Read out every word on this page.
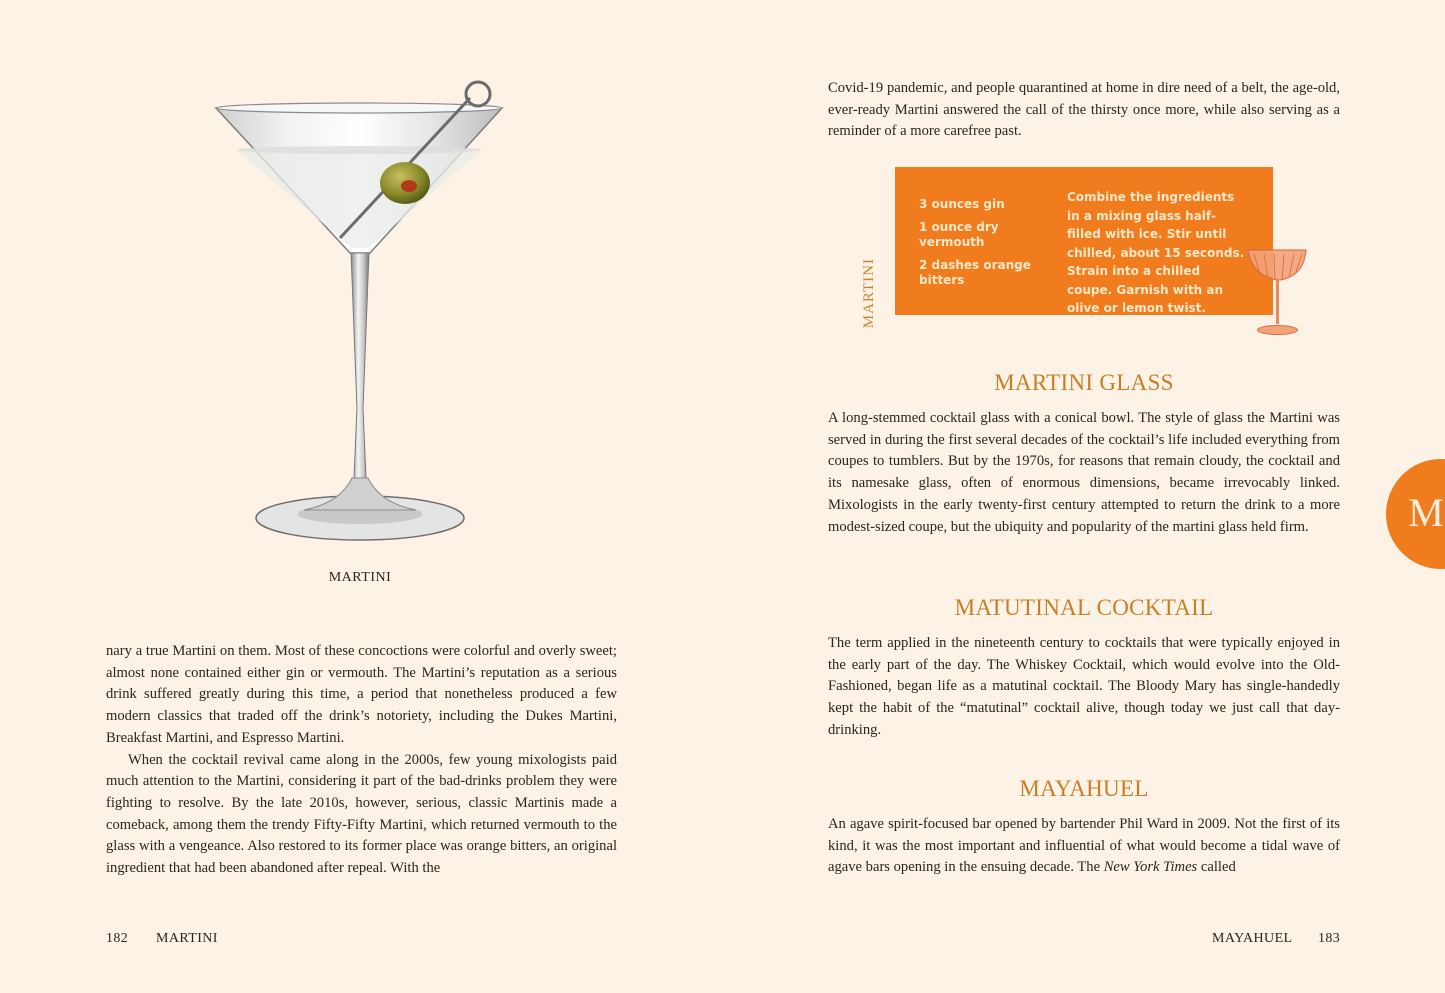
MARTINI

nary a true Martini on them. Most of these concoctions were colorful and overly sweet; almost none contained either gin or vermouth. The Martini’s reputation as a serious drink suffered greatly during this time, a period that nonetheless produced a few modern classics that traded off the drink’s notoriety, including the Dukes Martini, Breakfast Martini, and Espresso Martini.

When the cocktail revival came along in the 2000s, few young mixologists paid much attention to the Martini, considering it part of the bad-drinks problem they were fighting to resolve. By the late 2010s, however, serious, classic Martinis made a comeback, among them the trendy Fifty-Fifty Martini, which returned vermouth to the glass with a vengeance. Also restored to its former place was orange bitters, an original ingredient that had been abandoned after repeal. With the

182 MARTINI

Covid-19 pandemic, and people quarantined at home in dire need of a belt, the age-old, ever-ready Martini answered the call of the thirsty once more, while also serving as a reminder of a more carefree past.

MARTINI
3 ounces gin
1 ounce dry vermouth
2 dashes orange bitters
Combine the ingredients in a mixing glass half-filled with ice. Stir until chilled, about 15 seconds. Strain into a chilled coupe. Garnish with an olive or lemon twist.
MARTINI GLASS

A long-stemmed cocktail glass with a conical bowl. The style of glass the Martini was served in during the first several decades of the cocktail’s life included everything from coupes to tumblers. But by the 1970s, for reasons that remain cloudy, the cocktail and its namesake glass, often of enormous dimensions, became irrevocably linked. Mixologists in the early twenty-first century attempted to return the drink to a more modest-sized coupe, but the ubiquity and popularity of the martini glass held firm.

MATUTINAL COCKTAIL

The term applied in the nineteenth century to cocktails that were typically enjoyed in the early part of the day. The Whiskey Cocktail, which would evolve into the Old-Fashioned, began life as a matutinal cocktail. The Bloody Mary has single-handedly kept the habit of the “matutinal” cocktail alive, though today we just call that day-drinking.

MAYAHUEL

An agave spirit-focused bar opened by bartender Phil Ward in 2009. Not the first of its kind, it was the most important and influential of what would become a tidal wave of agave bars opening in the ensuing decade. The New York Times called

M
MAYAHUEL 183
